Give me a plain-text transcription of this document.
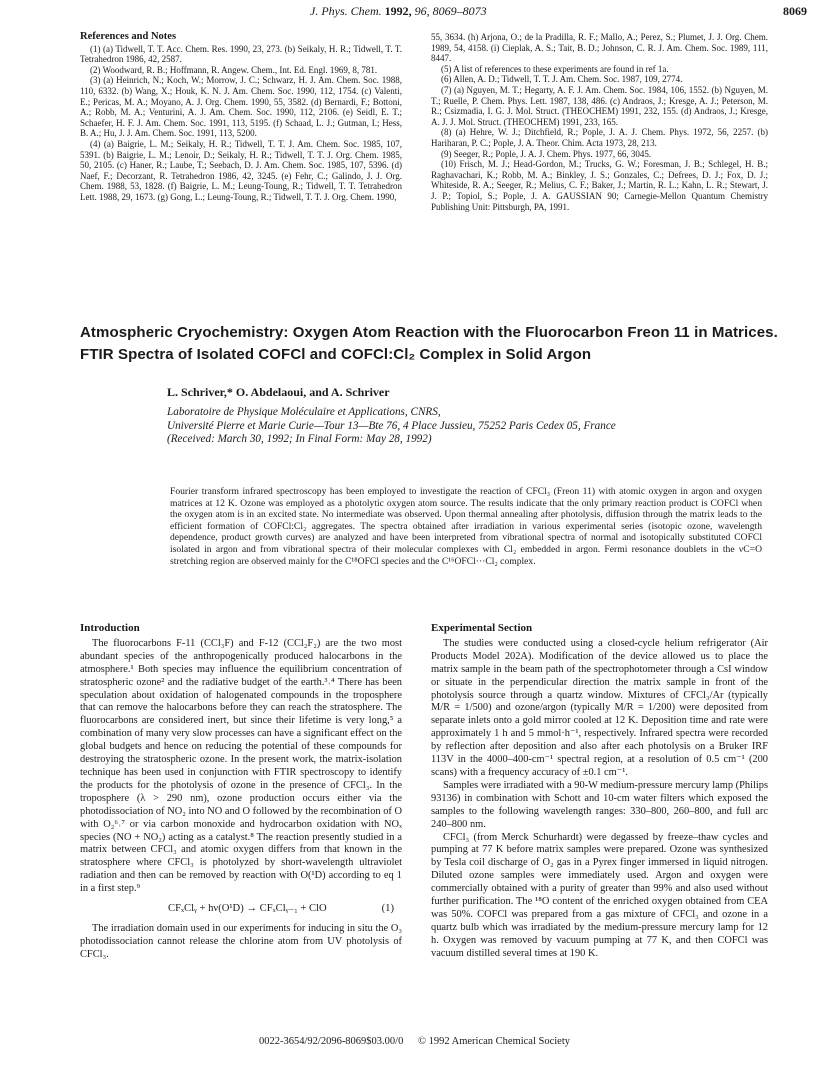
J. Phys. Chem. 1992, 96, 8069–8073	8069
References and Notes

(1) (a) Tidwell, T. T. Acc. Chem. Res. 1990, 23, 273. (b) Seikaly, H. R.; Tidwell, T. T. Tetrahedron 1986, 42, 2587.

(2) Woodward, R. B.; Hoffmann, R. Angew. Chem., Int. Ed. Engl. 1969, 8, 781.

(3) (a) Heinrich, N.; Koch, W.; Morrow, J. C.; Schwarz, H. J. Am. Chem. Soc. 1988, 110, 6332. (b) Wang, X.; Houk, K. N. J. Am. Chem. Soc. 1990, 112, 1754. (c) Valenti, E.; Pericas, M. A.; Moyano, A. J. Org. Chem. 1990, 55, 3582. (d) Bernardi, F.; Bottoni, A.; Robb, M. A.; Venturini, A. J. Am. Chem. Soc. 1990, 112, 2106. (e) Seidl, E. T.; Schaefer, H. F. J. Am. Chem. Soc. 1991, 113, 5195. (f) Schaad, L. J.; Gutman, I.; Hess, B. A.; Hu, J. J. Am. Chem. Soc. 1991, 113, 5200.

(4) (a) Baigrie, L. M.; Seikaly, H. R.; Tidwell, T. T. J. Am. Chem. Soc. 1985, 107, 5391. (b) Baigrie, L. M.; Lenoir, D.; Seikaly, H. R.; Tidwell, T. T. J. Org. Chem. 1985, 50, 2105. (c) Haner, R.; Laube, T.; Seebach, D. J. Am. Chem. Soc. 1985, 107, 5396. (d) Naef, F.; Decorzant, R. Tetrahedron 1986, 42, 3245. (e) Fehr, C.; Galindo, J. J. Org. Chem. 1988, 53, 1828. (f) Baigrie, L. M.; Leung-Toung, R.; Tidwell, T. T. Tetrahedron Lett. 1988, 29, 1673. (g) Gong, L.; Leung-Toung, R.; Tidwell, T. T. J. Org. Chem. 1990,

55, 3634. (h) Arjona, O.; de la Pradilla, R. F.; Mallo, A.; Perez, S.; Plumet, J. J. Org. Chem. 1989, 54, 4158. (i) Cieplak, A. S.; Tait, B. D.; Johnson, C. R. J. Am. Chem. Soc. 1989, 111, 8447.

(5) A list of references to these experiments are found in ref 1a.

(6) Allen, A. D.; Tidwell, T. T. J. Am. Chem. Soc. 1987, 109, 2774.

(7) (a) Nguyen, M. T.; Hegarty, A. F. J. Am. Chem. Soc. 1984, 106, 1552. (b) Nguyen, M. T.; Ruelle, P. Chem. Phys. Lett. 1987, 138, 486. (c) Andraos, J.; Kresge, A. J.; Peterson, M. R.; Csizmadia, I. G. J. Mol. Struct. (THEOCHEM) 1991, 232, 155. (d) Andraos, J.; Kresge, A. J. J. Mol. Struct. (THEOCHEM) 1991, 233, 165.

(8) (a) Hehre, W. J.; Ditchfield, R.; Pople, J. A. J. Chem. Phys. 1972, 56, 2257. (b) Hariharan, P. C.; Pople, J. A. Theor. Chim. Acta 1973, 28, 213.

(9) Seeger, R.; Pople, J. A. J. Chem. Phys. 1977, 66, 3045.

(10) Frisch, M. J.; Head-Gordon, M.; Trucks, G. W.; Foresman, J. B.; Schlegel, H. B.; Raghavachari, K.; Robb, M. A.; Binkley, J. S.; Gonzales, C.; Defrees, D. J.; Fox, D. J.; Whiteside, R. A.; Seeger, R.; Melius, C. F.; Baker, J.; Martin, R. L.; Kahn, L. R.; Stewart, J. J. P.; Topiol, S.; Pople, J. A. GAUSSIAN 90; Carnegie-Mellon Quantum Chemistry Publishing Unit: Pittsburgh, PA, 1991.

Atmospheric Cryochemistry: Oxygen Atom Reaction with the Fluorocarbon Freon 11 in Matrices. FTIR Spectra of Isolated COFCl and COFCl:Cl₂ Complex in Solid Argon
L. Schriver,* O. Abdelaoui, and A. Schriver
Laboratoire de Physique Moléculaire et Applications, CNRS,
Université Pierre et Marie Curie—Tour 13—Bte 76, 4 Place Jussieu, 75252 Paris Cedex 05, France
(Received: March 30, 1992; In Final Form: May 28, 1992)

Fourier transform infrared spectroscopy has been employed to investigate the reaction of CFCl₃ (Freon 11) with atomic oxygen in argon and oxygen matrices at 12 K. Ozone was employed as a photolytic oxygen atom source. The results indicate that the only primary reaction product is COFCl when the oxygen atom is in an excited state. No intermediate was observed. Upon thermal annealing after photolysis, diffusion through the matrix leads to the efficient formation of COFCl:Cl₂ aggregates. The spectra obtained after irradiation in various experimental series (isotopic ozone, wavelength dependence, product growth curves) are analyzed and have been interpreted from vibrational spectra of normal and isotopically substituted COFCl isolated in argon and from vibrational spectra of their molecular complexes with Cl₂ embedded in argon. Fermi resonance doublets in the νC=O stretching region are observed mainly for the C¹⁸OFCl species and the C¹⁶OFCl···Cl₂ complex.

Introduction

The fluorocarbons F-11 (CCl₃F) and F-12 (CCl₂F₂) are the two most abundant species of the anthropogenically produced halocarbons in the atmosphere.¹ Both species may influence the equilibrium concentration of stratospheric ozone² and the radiative budget of the earth.³˒⁴ There has been speculation about oxidation of halogenated compounds in the troposphere that can remove the halocarbons before they can reach the stratosphere. The fluorocarbons are considered inert, but since their lifetime is very long,⁵ a combination of many very slow processes can have a significant effect on the global budgets and hence on reducing the potential of these compounds for destroying the stratospheric ozone. In the present work, the matrix-isolation technique has been used in conjunction with FTIR spectroscopy to identify the products for the photolysis of ozone in the presence of CFCl₃. In the troposphere (λ > 290 nm), ozone production occurs either via the photodissociation of NO₂ into NO and O followed by the recombination of O with O₂⁶˒⁷ or via carbon monoxide and hydrocarbon oxidation with NOₓ species (NO + NO₂) acting as a catalyst.⁸ The reaction presently studied in a matrix between CFCl₃ and atomic oxygen differs from that known in the stratosphere where CFCl₃ is photolyzed by short-wavelength ultraviolet radiation and then can be removed by reaction with O(¹D) according to eq 1 in a first step.⁹

CFₓClᵧ + hν(O¹D) → CFₓClᵧ₋₁ + ClO	(1)

The irradiation domain used in our experiments for inducing in situ the O₃ photodissociation cannot release the chlorine atom from UV photolysis of CFCl₃.

Experimental Section

The studies were conducted using a closed-cycle helium refrigerator (Air Products Model 202A). Modification of the device allowed us to place the matrix sample in the beam path of the spectrophotometer through a CsI window or situate in the perpendicular direction the matrix sample in front of the photolysis source through a quartz window. Mixtures of CFCl₃/Ar (typically M/R = 1/500) and ozone/argon (typically M/R = 1/200) were deposited from separate inlets onto a gold mirror cooled at 12 K. Deposition time and rate were approximately 1 h and 5 mmol·h⁻¹, respectively. Infrared spectra were recorded by reflection after deposition and also after each photolysis on a Bruker IRF 113V in the 4000–400-cm⁻¹ spectral region, at a resolution of 0.5 cm⁻¹ (200 scans) with a frequency accuracy of ±0.1 cm⁻¹.

Samples were irradiated with a 90-W medium-pressure mercury lamp (Philips 93136) in combination with Schott and 10-cm water filters which exposed the samples to the following wavelength ranges: 330–800, 260–800, and full arc 240–800 nm.

CFCl₃ (from Merck Schurhardt) were degassed by freeze–thaw cycles and pumping at 77 K before matrix samples were prepared. Ozone was synthesized by Tesla coil discharge of O₂ gas in a Pyrex finger immersed in liquid nitrogen. Diluted ozone samples were immediately used. Argon and oxygen were commercially obtained with a purity of greater than 99% and also used without further purification. The ¹⁸O content of the enriched oxygen obtained from CEA was 50%. COFCl was prepared from a gas mixture of CFCl₃ and ozone in a quartz bulb which was irradiated by the medium-pressure mercury lamp for 12 h. Oxygen was removed by vacuum pumping at 77 K, and then COFCl was vacuum distilled several times at 190 K.

0022-3654/92/2096-8069$03.00/0 © 1992 American Chemical Society
